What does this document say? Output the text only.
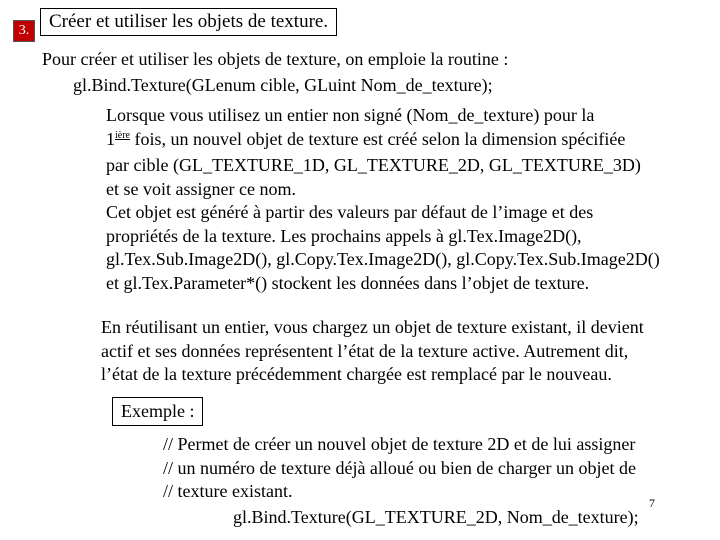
3.	Créer et utiliser les objets de texture.
Pour créer et utiliser les objets de texture, on emploie la routine :
gl.Bind.Texture(GLenum cible, GLuint Nom_de_texture);
Lorsque vous utilisez un entier non signé (Nom_de_texture) pour la
$1^{ière}$ fois, un nouvel objet de texture est créé selon la dimension spécifiée
par cible (GL_TEXTURE_1D, GL_TEXTURE_2D, GL_TEXTURE_3D)
et se voit assigner ce nom.
Cet objet est généré à partir des valeurs par défaut de l’image et des
propriétés de la texture. Les prochains appels à gl.Tex.Image2D(),
gl.Tex.Sub.Image2D(), gl.Copy.Tex.Image2D(), gl.Copy.Tex.Sub.Image2D()
et gl.Tex.Parameter*() stockent les données dans l’objet de texture.
En réutilisant un entier, vous chargez un objet de texture existant, il devient
actif et ses données représentent l’état de la texture active. Autrement dit,
l’état de la texture précédemment chargée est remplacé par le nouveau.
Exemple :
// Permet de créer un nouvel objet de texture 2D et de lui assigner
// un numéro de texture déjà alloué ou bien de charger un objet de
// texture existant.
7
gl.Bind.Texture(GL_TEXTURE_2D, Nom_de_texture);
